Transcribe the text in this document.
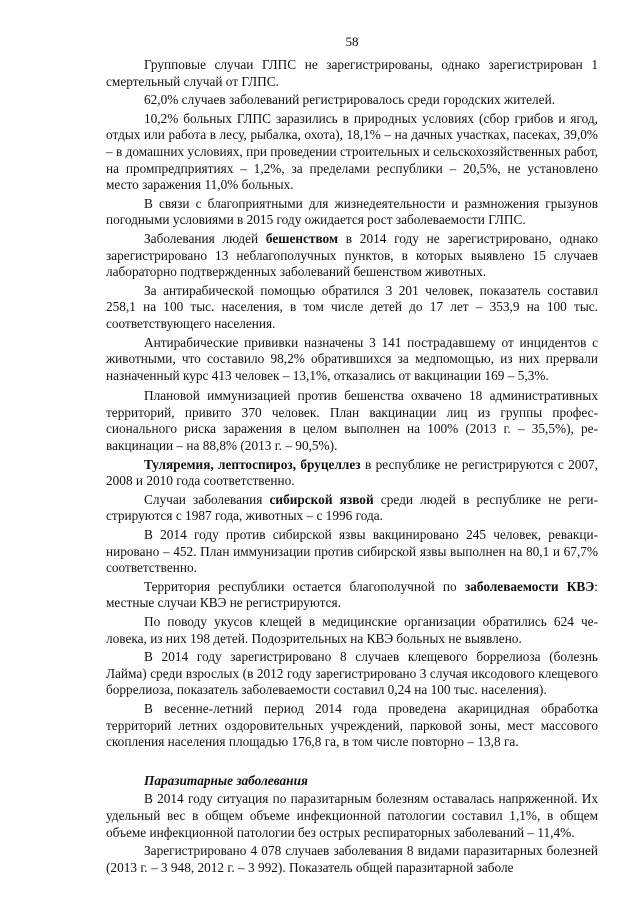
58

Групповые случаи ГЛПС не зарегистрированы, однако зарегистрирован 1 смертельный случай от ГЛПС.

62,0% случаев заболеваний регистрировалось среди городских жителей.

10,2% больных ГЛПС заразились в природных условиях (сбор грибов и ягод, отдых или работа в лесу, рыбалка, охота), 18,1% – на дачных участках, пасеках, 39,0% – в домашних условиях, при проведении строительных и сельскохозяйственных работ, на промпредприятиях – 1,2%, за пределами республики – 20,5%, не установлено место заражения 11,0% больных.

В связи с благоприятными для жизнедеятельности и размножения грызунов погодными условиями в 2015 году ожидается рост заболеваемости ГЛПС.

Заболевания людей бешенством в 2014 году не зарегистрировано, однако зарегистрировано 13 неблагополучных пунктов, в которых выявлено 15 случаев лабораторно подтвержденных заболеваний бешенством животных.

За антирабической помощью обратился 3 201 человек, показатель составил 258,1 на 100 тыс. населения, в том числе детей до 17 лет – 353,9 на 100 тыс. соответствующего населения.

Антирабические прививки назначены 3 141 пострадавшему от инцидентов с животными, что составило 98,2% обратившихся за медпомощью, из них прервали назначенный курс 413 человек – 13,1%, отказались от вакцинации 169 – 5,3%.

Плановой иммунизацией против бешенства охвачено 18 административных территорий, привито 370 человек. План вакцинации лиц из группы профессионального риска заражения в целом выполнен на 100% (2013 г. – 35,5%), ревакцинации – на 88,8% (2013 г. – 90,5%).

Туляремия, лептоспироз, бруцеллез в республике не регистрируются с 2007, 2008 и 2010 года соответственно.

Случаи заболевания сибирской язвой среди людей в республике не регистрируются с 1987 года, животных – с 1996 года.

В 2014 году против сибирской язвы вакцинировано 245 человек, ревакцинировано – 452. План иммунизации против сибирской язвы выполнен на 80,1 и 67,7% соответственно.

Территория республики остается благополучной по заболеваемости КВЭ: местные случаи КВЭ не регистрируются.

По поводу укусов клещей в медицинские организации обратились 624 человека, из них 198 детей. Подозрительных на КВЭ больных не выявлено.

В 2014 году зарегистрировано 8 случаев клещевого боррелиоза (болезнь Лайма) среди взрослых (в 2012 году зарегистрировано 3 случая иксодового клещевого боррелиоза, показатель заболеваемости составил 0,24 на 100 тыс. населения).

В весенне-летний период 2014 года проведена акарицидная обработка территорий летних оздоровительных учреждений, парковой зоны, мест массового скопления населения площадью 176,8 га, в том числе повторно – 13,8 га.

Паразитарные заболевания

В 2014 году ситуация по паразитарным болезням оставалась напряженной. Их удельный вес в общем объеме инфекционной патологии составил 1,1%, в общем объеме инфекционной патологии без острых респираторных заболеваний – 11,4%.

Зарегистрировано 4 078 случаев заболевания 8 видами паразитарных болезней (2013 г. – 3 948, 2012 г. – 3 992). Показатель общей паразитарной заболе
